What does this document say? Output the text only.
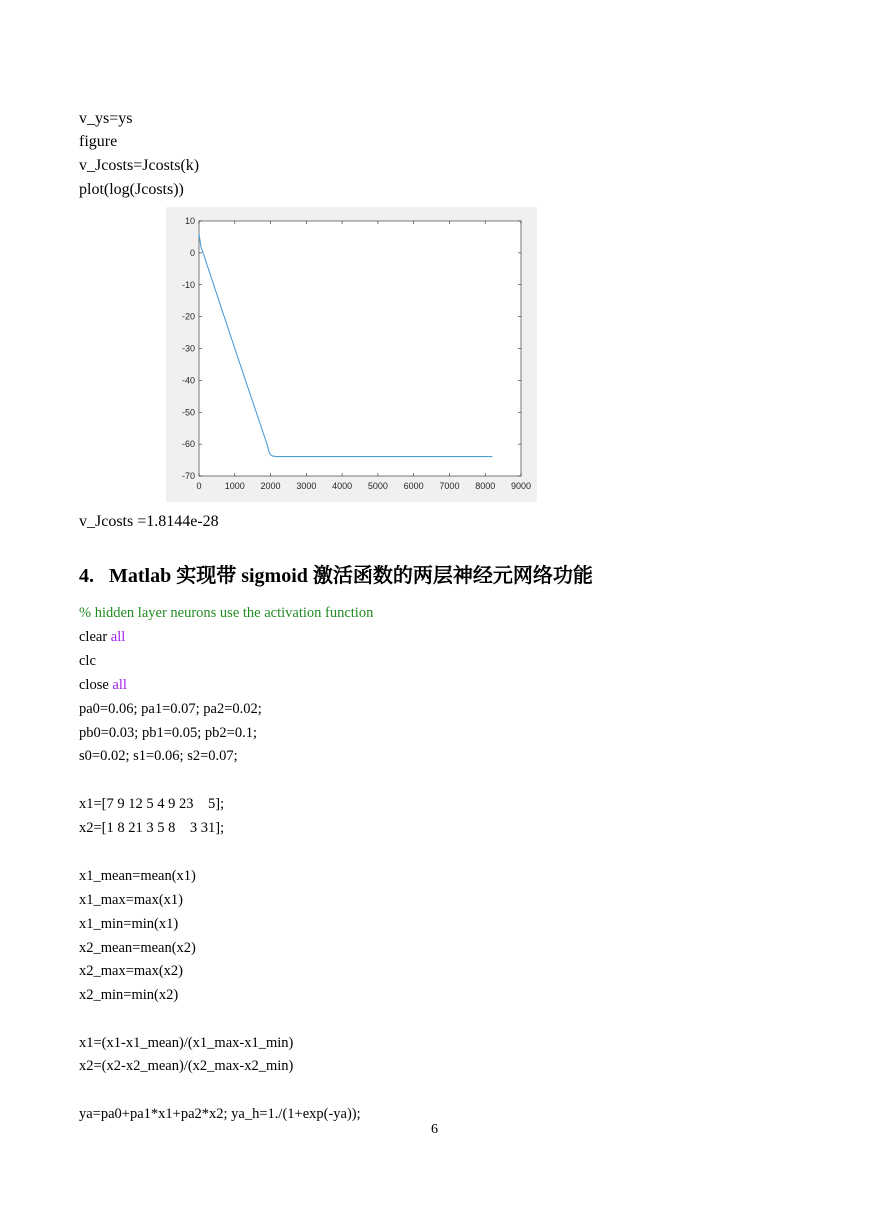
v_ys=ys
figure
v_Jcosts=Jcosts(k)
plot(log(Jcosts))
0	1000 2000 3000 4000 5000 6000 7000 8000 9000
10
0
-10
-20
-30
-40
-50
-60
-70
v_Jcosts =1.8144e-28
4. Matlab 实现带 sigmoid 激活函数的两层神经元网络功能
% hidden layer neurons use the activation function
clear all
clc
close all
pa0=0.06; pa1=0.07; pa2=0.02;
pb0=0.03; pb1=0.05; pb2=0.1;
s0=0.02; s1=0.06; s2=0.07;
x1=[7 9 12 5 4 9 23    5];
x2=[1 8 21 3 5 8    3 31];
x1_mean=mean(x1)
x1_max=max(x1)
x1_min=min(x1)
x2_mean=mean(x2)
x2_max=max(x2)
x2_min=min(x2)
x1=(x1-x1_mean)/(x1_max-x1_min)
x2=(x2-x2_mean)/(x2_max-x2_min)
ya=pa0+pa1*x1+pa2*x2; ya_h=1./(1+exp(-ya));
6
